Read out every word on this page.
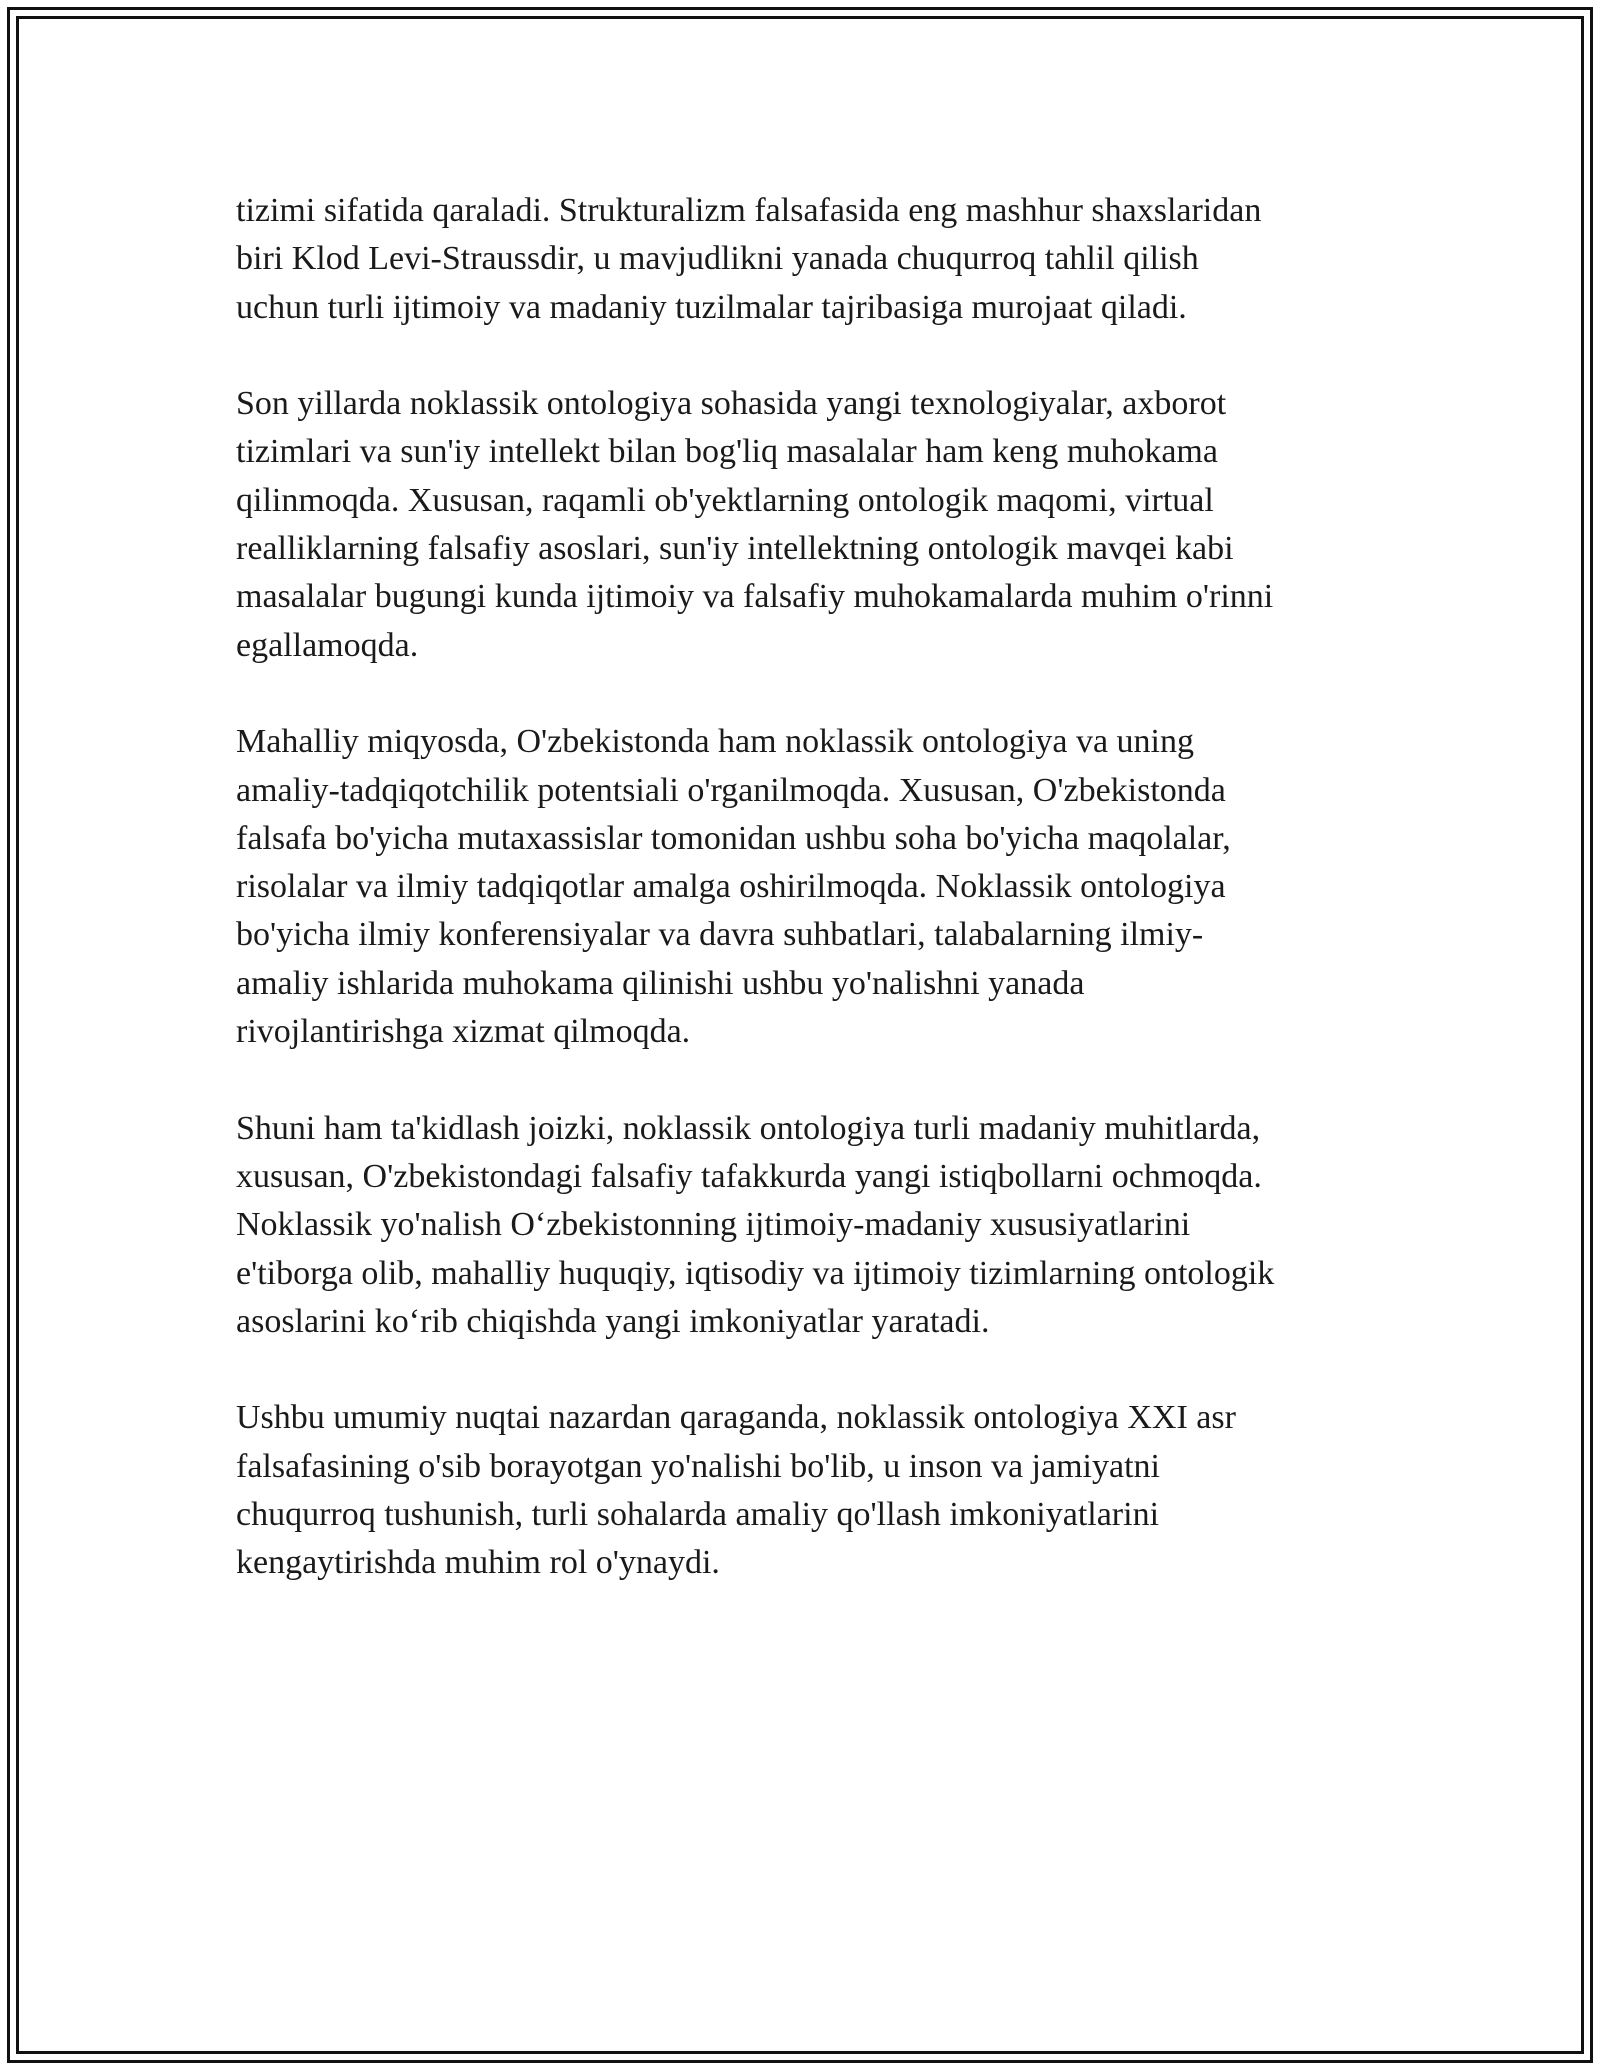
tizimi sifatida qaraladi. Strukturalizm falsafasida eng mashhur shaxslaridan
biri Klod Levi-Straussdir, u mavjudlikni yanada chuqurroq tahlil qilish
uchun turli ijtimoiy va madaniy tuzilmalar tajribasiga murojaat qiladi.

Son yillarda noklassik ontologiya sohasida yangi texnologiyalar, axborot
tizimlari va sun'iy intellekt bilan bog'liq masalalar ham keng muhokama
qilinmoqda. Xususan, raqamli ob'yektlarning ontologik maqomi, virtual
realliklarning falsafiy asoslari, sun'iy intellektning ontologik mavqei kabi
masalalar bugungi kunda ijtimoiy va falsafiy muhokamalarda muhim o'rinni
egallamoqda.

Mahalliy miqyosda, O'zbekistonda ham noklassik ontologiya va uning
amaliy-tadqiqotchilik potentsiali o'rganilmoqda. Xususan, O'zbekistonda
falsafa bo'yicha mutaxassislar tomonidan ushbu soha bo'yicha maqolalar,
risolalar va ilmiy tadqiqotlar amalga oshirilmoqda. Noklassik ontologiya
bo'yicha ilmiy konferensiyalar va davra suhbatlari, talabalarning ilmiy-
amaliy ishlarida muhokama qilinishi ushbu yo'nalishni yanada
rivojlantirishga xizmat qilmoqda.

Shuni ham ta'kidlash joizki, noklassik ontologiya turli madaniy muhitlarda,
xususan, O'zbekistondagi falsafiy tafakkurda yangi istiqbollarni ochmoqda.
Noklassik yo'nalish O‘zbekistonning ijtimoiy-madaniy xususiyatlarini
e'tiborga olib, mahalliy huquqiy, iqtisodiy va ijtimoiy tizimlarning ontologik
asoslarini ko‘rib chiqishda yangi imkoniyatlar yaratadi.

Ushbu umumiy nuqtai nazardan qaraganda, noklassik ontologiya XXI asr
falsafasining o'sib borayotgan yo'nalishi bo'lib, u inson va jamiyatni
chuqurroq tushunish, turli sohalarda amaliy qo'llash imkoniyatlarini
kengaytirishda muhim rol o'ynaydi.
